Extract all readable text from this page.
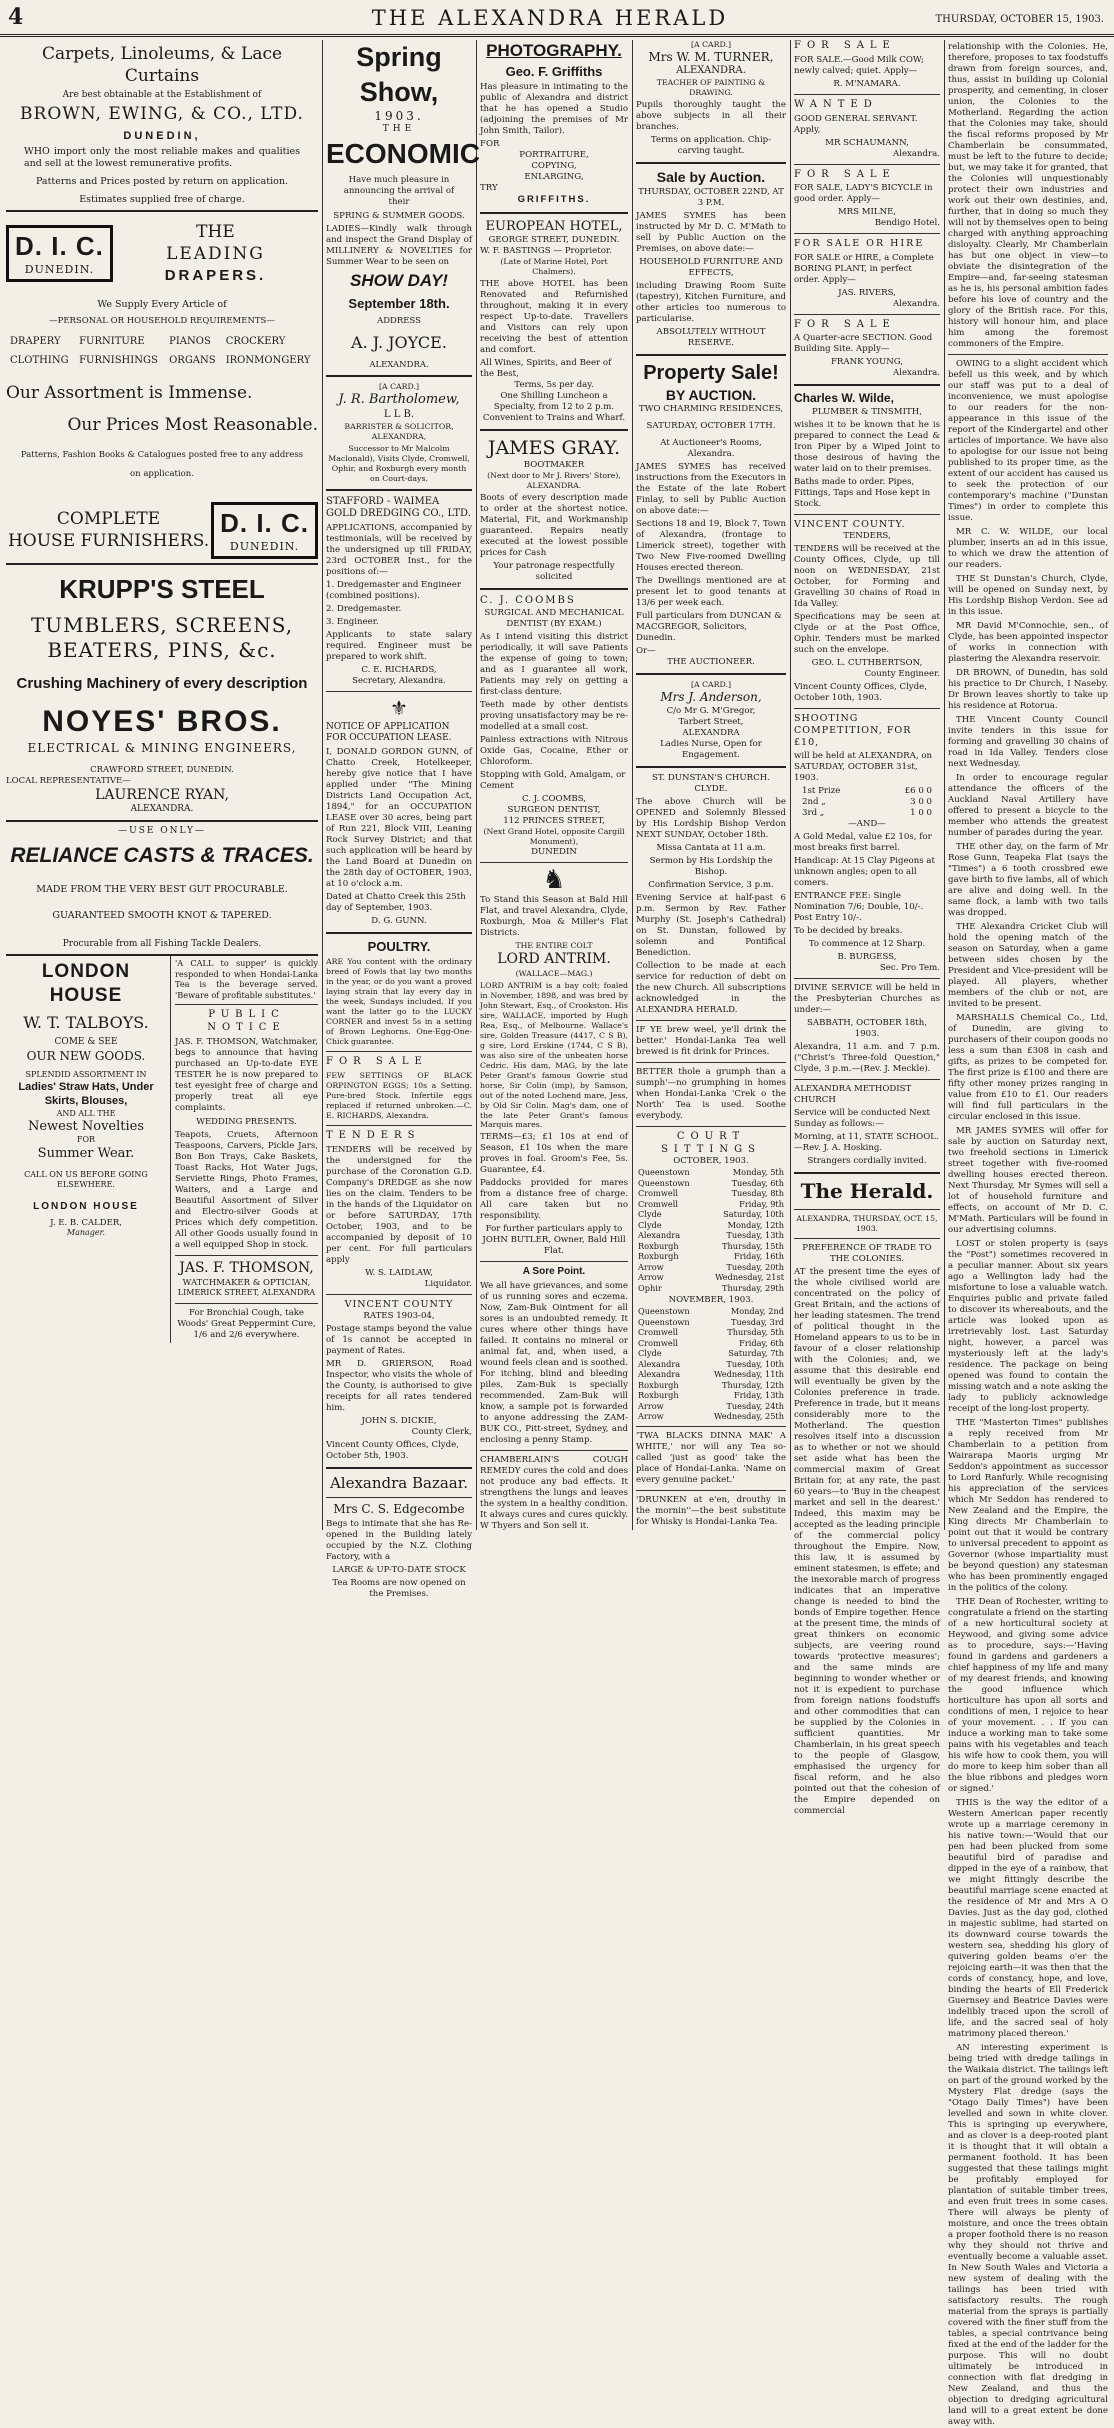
4	THE ALEXANDRA HERALD	THURSDAY, OCTOBER 15, 1903.
Carpets, Linoleums, & Lace Curtains
Are best obtainable at the Establishment of
BROWN, EWING, & CO., LTD.
DUNEDIN,

WHO import only the most reliable makes and qualities and sell at the lowest remunerative profits.

Patterns and Prices posted by return on application.
Estimates supplied free of charge.
D. I. C.
DUNEDIN.
THE
LEADING
DRAPERS.
We Supply Every Article of
—PERSONAL OR HOUSEHOLD REQUIREMENTS—
DRAPERY	FURNITURE	PIANOS	CROCKERY
CLOTHING	FURNISHINGS	ORGANS	IRONMONGERY
Our Assortment is Immense.
Our Prices Most Reasonable.
Patterns, Fashion Books & Catalogues posted free to any address
on application.
COMPLETE
HOUSE FURNISHERS.
D. I. C.
DUNEDIN.
KRUPP'S STEEL
TUMBLERS, SCREENS,
BEATERS, PINS, &c.
Crushing Machinery of every description
NOYES' BROS.
ELECTRICAL & MINING ENGINEERS,
CRAWFORD STREET, DUNEDIN.
LOCAL REPRESENTATIVE—
LAURENCE RYAN,
ALEXANDRA.
—USE ONLY—
RELIANCE CASTS & TRACES.
MADE FROM THE VERY BEST GUT PROCURABLE.
GUARANTEED SMOOTH KNOT & TAPERED.
Procurable from all Fishing Tackle Dealers.
LONDON HOUSE
W. T. TALBOYS.
COME & SEE
OUR NEW GOODS.
SPLENDID ASSORTMENT IN
Ladies' Straw Hats, Under Skirts, Blouses,
AND ALL THE
Newest Novelties
FOR
Summer Wear.
CALL ON US BEFORE GOING ELSEWHERE.
LONDON HOUSE
J. E. B. CALDER,
Manager.

'A CALL to supper' is quickly responded to when Hondai-Lanka Tea is the beverage served. 'Beware of profitable substitutes.'

PUBLIC NOTICE

JAS. F. THOMSON, Watchmaker, begs to announce that having purchased an Up-to-date EYE TESTER he is now prepared to test eyesight free of charge and properly treat all eye complaints.

WEDDING PRESENTS.

Teapots, Cruets, Afternoon Teaspoons, Carvers, Pickle Jars, Bon Bon Trays, Cake Baskets, Toast Racks, Hot Water Jugs, Serviette Rings, Photo Frames, Waiters, and a Large and Beautiful Assortment of Silver and Electro-silver Goods at Prices which defy competition. All other Goods usually found in a well equipped Shop in stock.

JAS. F. THOMSON,
WATCHMAKER & OPTICIAN,
LIMERICK STREET, ALEXANDRA

For Bronchial Cough, take Woods' Great Peppermint Cure, 1/6 and 2/6 everywhere.

Spring Show,
1903.
THE
ECONOMIC

Have much pleasure in announcing the arrival of their

SPRING & SUMMER GOODS.

LADIES—Kindly walk through and inspect the Grand Display of MILLINERY & NOVELTIES for Summer Wear to be seen on

SHOW DAY!
September 18th.
ADDRESS
A. J. JOYCE.
ALEXANDRA.
[A CARD.]
J. R. Bartholomew,
L L B.
BARRISTER & SOLICITOR, ALEXANDRA,

Successor to Mr Malcolm Maclonald), Visits Clyde, Cromwell, Ophir, and Roxburgh every month on Court-days.

STAFFORD - WAIMEA GOLD DREDGING CO., LTD.

APPLICATIONS, accompanied by testimonials, will be received by the undersigned up till FRIDAY, 23rd OCTOBER Inst., for the positions of:—

1. Dredgemaster and Engineer (combined positions).

2. Dredgemaster.

3. Engineer.

Applicants to state salary required. Engineer must be prepared to work shift.

C. E. RICHARDS,
Secretary, Alexandra.
⚜
NOTICE OF APPLICATION FOR OCCUPATION LEASE.

I, DONALD GORDON GUNN, of Chatto Creek, Hotelkeeper, hereby give notice that I have applied under "The Mining Districts Land Occupation Act, 1894," for an OCCUPATION LEASE over 30 acres, being part of Run 221, Block VIII, Leaning Rock Survey District; and that such application will be heard by the Land Board at Dunedin on the 28th day of OCTOBER, 1903, at 10 o'clock a.m.

Dated at Chatto Creek this 25th day of September, 1903.

D. G. GUNN.
POULTRY.

ARE You content with the ordinary breed of Fowls that lay two months in the year, or do you want a proved laying strain that lay every day in the week, Sundays included. If you want the latter go to the LUCKY CORNER and invest 5s in a setting of Brown Leghorns. One-Egg-One-Chick guarantee.

FOR SALE

FEW SETTINGS OF BLACK ORPINGTON EGGS; 10s a Setting. Pure-bred Stock. Infertile eggs replaced if returned unbroken.—C. E. RICHARDS, Alexandra.

TENDERS

TENDERS will be received by the undersigned for the purchase of the Coronation G.D. Company's DREDGE as she now lies on the claim. Tenders to be in the hands of the Liquidator on or before SATURDAY, 17th October, 1903, and to be accompanied by deposit of 10 per cent. For full particulars apply

W. S. LAIDLAW,
Liquidator.
VINCENT COUNTY
RATES 1903-04,

Postage stamps beyond the value of 1s cannot be accepted in payment of Rates.

MR D. GRIERSON, Road Inspector, who visits the whole of the County, is authorised to give receipts for all rates tendered him.

JOHN S. DICKIE,
County Clerk,

Vincent County Offices, Clyde, October 5th, 1903.

Alexandra Bazaar.
Mrs C. S. Edgecombe

Begs to intimate that she has Re-opened in the Building lately occupied by the N.Z. Clothing Factory, with a

LARGE & UP-TO-DATE STOCK

Tea Rooms are now opened on the Premises.

PHOTOGRAPHY.
Geo. F. Griffiths

Has pleasure in intimating to the public of Alexandra and district that he has opened a Studio (adjoining the premises of Mr John Smith, Tailor).

FOR
PORTRAITURE,
COPYING,
ENLARGING,
TRY
GRIFFITHS.
EUROPEAN HOTEL,
GEORGE STREET, DUNEDIN.
W. F. BASTINGS — Proprietor.
(Late of Marine Hotel, Port Chalmers).

THE above HOTEL has been Renovated and Refurnished throughout, making it in every respect Up-to-date. Travellers and Visitors can rely upon receiving the best of attention and comfort.

All Wines, Spirits, and Beer of the Best,
Terms, 5s per day.
One Shilling Luncheon a Specialty, from 12 to 2 p.m.
Convenient to Trains and Wharf.
JAMES GRAY.
BOOTMAKER
(Next door to Mr J. Rivers' Store), ALEXANDRA.

Boots of every description made to order at the shortest notice. Material, Fit, and Workmanship guaranteed. Repairs neatly executed at the lowest possible prices for Cash

Your patronage respectfully solicited
C. J. COOMBS
SURGICAL AND MECHANICAL DENTIST (BY EXAM.)

As I intend visiting this district periodically, it will save Patients the expense of going to town; and as I guarantee all work, Patients may rely on getting a first-class denture.

Teeth made by other dentists proving unsatisfactory may be re-modelled at a small cost.

Painless extractions with Nitrous Oxide Gas, Cocaine, Ether or Chloroform.

Stopping with Gold, Amalgam, or Cement

C. J. COOMBS,
SURGEON DENTIST,
112 PRINCES STREET,
(Next Grand Hotel, opposite Cargill Monument),
DUNEDIN
♞

To Stand this Season at Bald Hill Flat, and travel Alexandra, Clyde, Roxburgh, Moa & Miller's Flat Districts.

THE ENTIRE COLT
LORD ANTRIM.
(WALLACE—MAG.)

LORD ANTRIM is a bay colt; foaled in November, 1898, and was bred by John Stewart, Esq., of Crookston. His sire, WALLACE, imported by Hugh Rea, Esq., of Melbourne. Wallace's sire, Golden Treasure (4417, C S B), g sire, Lord Erskine (1744, C S B), was also sire of the unbeaten horse Cedric. His dam, MAG, by the late Peter Grant's famous Gowrie stud horse, Sir Colin (imp), by Samson, out of the noted Lochend mare, Jess, by Old Sir Colin. Mag's dam, one of the late Peter Grant's famous Marquis mares.

TERMS—£3; £1 10s at end of Season, £1 10s when the mare proves in foal. Groom's Fee, 5s. Guarantee, £4.

Paddocks provided for mares from a distance free of charge. All care taken but no responsibility.

For further particulars apply to JOHN BUTLER, Owner, Bald Hill Flat.

A Sore Point.

We all have grievances, and some of us running sores and eczema. Now, Zam-Buk Ointment for all sores is an undoubted remedy. It cures where other things have failed. It contains no mineral or animal fat, and, when used, a wound feels clean and is soothed. For itching, blind and bleeding piles, Zam-Buk is specially recommended. Zam-Buk will know, a sample pot is forwarded to anyone addressing the ZAM-BUK CO., Pitt-street, Sydney, and enclosing a penny Stamp.

CHAMBERLAIN'S COUGH REMEDY cures the cold and does not produce any bad effects. It strengthens the lungs and leaves the system in a healthy condition. It always cures and cures quickly. W Thyers and Son sell it.

[A CARD.]
Mrs W. M. TURNER,
ALEXANDRA.
TEACHER OF PAINTING & DRAWING.

Pupils thoroughly taught the above subjects in all their branches.

Terms on application. Chip-carving taught.

Sale by Auction.
THURSDAY, OCTOBER 22ND, AT 3 P.M.

JAMES SYMES has been instructed by Mr D. C. M'Math to sell by Public Auction on the Premises, on above date:—

HOUSEHOLD FURNITURE AND EFFECTS,

including Drawing Room Suite (tapestry), Kitchen Furniture, and other articles too numerous to particularise.

ABSOLUTELY WITHOUT RESERVE.
Property Sale!
BY AUCTION.
TWO CHARMING RESIDENCES,
SATURDAY, OCTOBER 17TH.
At Auctioneer's Rooms, Alexandra.

JAMES SYMES has received instructions from the Executors in the Estate of the late Robert Finlay, to sell by Public Auction on above date:—

Sections 18 and 19, Block 7, Town of Alexandra, (frontage to Limerick street), together with Two New Five-roomed Dwelling Houses erected thereon.

The Dwellings mentioned are at present let to good tenants at 13/6 per week each.

Full particulars from DUNCAN & MACGREGOR, Solicitors, Dunedin.

Or—
THE AUCTIONEER.
[A CARD.]
Mrs J. Anderson,
C/o Mr G. M'Gregor,
Tarbert Street,
ALEXANDRA
Ladies Nurse, Open for Engagement.
ST. DUNSTAN'S CHURCH.
CLYDE.

The above Church will be OPENED and Solemnly Blessed by His Lordship Bishop Verdon NEXT SUNDAY, October 18th.

Missa Cantata at 11 a.m.

Sermon by His Lordship the Bishop.

Confirmation Service, 3 p.m.

Evening Service at half-past 6 p.m. Sermon by Rev. Father Murphy (St. Joseph's Cathedral) on St. Dunstan, followed by solemn and Pontifical Benediction.

Collection to be made at each service for reduction of debt on the new Church. All subscriptions acknowledged in the ALEXANDRA HERALD.

IF YE brew weel, ye'll drink the better.' Hondai-Lanka Tea well brewed is fit drink for Princes.

BETTER thole a grumph than a sumph'—no grumphing in homes when Hondai-Lanka 'Crek o the North' Tea is used. Soothe everybody.

COURT SITTINGS
OCTOBER, 1903.
Queenstown	Monday, 5th
Queenstown	Tuesday, 6th
Cromwell	Tuesday, 8th
Cromwell	Friday, 9th
Clyde	Saturday, 10th
Clyde	Monday, 12th
Alexandra	Tuesday, 13th
Roxburgh	Thursday, 15th
Roxburgh	Friday, 16th
Arrow	Tuesday, 20th
Arrow	Wednesday, 21st
Ophir	Thursday, 29th
NOVEMBER, 1903.
Queenstown	Monday, 2nd
Queenstown	Tuesday, 3rd
Cromwell	Thursday, 5th
Cromwell	Friday, 6th
Clyde	Saturday, 7th
Alexandra	Tuesday, 10th
Alexandra	Wednesday, 11th
Roxburgh	Thursday, 12th
Roxburgh	Friday, 13th
Arrow	Tuesday, 24th
Arrow	Wednesday, 25th

'TWA BLACKS DINNA MAK' A WHITE,' nor will any Tea so-called 'just as good' take the place of Hondai-Lanka. 'Name on every genuine packet.'

'DRUNKEN at e'en, drouthy in the mornin''—the best substitute for Whisky is Hondai-Lanka Tea.

FOR SALE

FOR SALE.—Good Milk COW; newly calved; quiet. Apply—

R. M'NAMARA.
WANTED

GOOD GENERAL SERVANT. Apply,

MR SCHAUMANN,
Alexandra.
FOR SALE

FOR SALE, LADY'S BICYCLE in good order. Apply—

MRS MILNE,
Bendigo Hotel.
FOR SALE OR HIRE

FOR SALE or HIRE, a Complete BORING PLANT, in perfect order. Apply—

JAS. RIVERS,
Alexandra.
FOR SALE

A Quarter-acre SECTION. Good Building Site. Apply—

FRANK YOUNG,
Alexandra.
Charles W. Wilde,
PLUMBER & TINSMITH,

wishes it to be known that he is prepared to connect the Lead & Iron Piper by a Wiped Joint to those desirous of having the water laid on to their premises.

Baths made to order. Pipes, Fittings, Taps and Hose kept in Stock.

VINCENT COUNTY.
TENDERS,

TENDERS will be received at the County Offices, Clyde, up till noon on WEDNESDAY, 21st October, for Forming and Gravelling 30 chains of Road in Ida Valley.

Specifications may be seen at Clyde or at the Post Office, Ophir. Tenders must be marked such on the envelope.

GEO. L. CUTHBERTSON,
County Engineer.

Vincent County Offices, Clyde, October 10th, 1903.

SHOOTING COMPETITION, FOR £10,

will be held at ALEXANDRA, on SATURDAY, OCTOBER 31st, 1903.

1st Prize	£6 0 0
2nd „	3 0 0
3rd „	1 0 0
—AND—

A Gold Medal, value £2 10s, for most breaks first barrel.

Handicap: At 15 Clay Pigeons at unknown angles; open to all comers.

ENTRANCE FEE: Single Nomination 7/6; Double, 10/-. Post Entry 10/-.

To be decided by breaks.

To commence at 12 Sharp.

B. BURGESS,
Sec. Pro Tem.

DIVINE SERVICE will be held in the Presbyterian Churches as under:—

SABBATH, OCTOBER 18th, 1903.

Alexandra, 11 a.m. and 7 p.m. ("Christ's Three-fold Question," Clyde, 3 p.m.—(Rev. J. Meckle).

ALEXANDRA METHODIST CHURCH

Service will be conducted Next Sunday as follows:—

Morning, at 11, STATE SCHOOL.—Rev. J. A. Hosking.

Strangers cordially invited.

The Herald.
ALEXANDRA, THURSDAY, OCT. 15, 1903.
PREFERENCE OF TRADE TO THE COLONIES.

AT the present time the eyes of the whole civilised world are concentrated on the policy of Great Britain, and the actions of her leading statesmen. The trend of political thought in the Homeland appears to us to be in favour of a closer relationship with the Colonies; and, we assume that this desirable end will eventually be given by the Colonies preference in trade. Preference in trade, but it means considerably more to the Motherland. The question resolves itself into a discussion as to whether or not we should set aside what has been the commercial maxim of Great Britain for, at any rate, the past 60 years—to 'Buy in the cheapest market and sell in the dearest.' Indeed, this maxim may be accepted as the leading principle of the commercial policy throughout the Empire. Now, this law, it is assumed by eminent statesmen, is effete; and the inexorable march of progress indicates that an imperative change is needed to bind the bonds of Empire together. Hence at the present time, the minds of great thinkers on economic subjects, are veering round towards 'protective measures'; and the same minds are beginning to wonder whether or not it is expedient to purchase from foreign nations foodstuffs and other commodities that can be supplied by the Colonies in sufficient quantities. Mr Chamberlain, in his great speech to the people of Glasgow, emphasised the urgency for fiscal reform, and he also pointed out that the cohesion of the Empire depended on commercial

relationship with the Colonies. He, therefore, proposes to tax foodstuffs drawn from foreign sources, and, thus, assist in building up Colonial prosperity, and cementing, in closer union, the Colonies to the Motherland. Regarding the action that the Colonies may take, should the fiscal reforms proposed by Mr Chamberlain be consummated, must be left to the future to decide; but, we may take it for granted, that the Colonies will unquestionably protect their own industries and work out their own destinies, and, further, that in doing so much they will not by themselves open to being charged with anything approaching disloyalty. Clearly, Mr Chamberlain has but one object in view—to obviate the disintegration of the Empire—and, far-seeing statesman as he is, his personal ambition fades before his love of country and the glory of the British race. For this, history will honour him, and place him among the foremost commoners of the Empire.

OWING to a slight accident which befell us this week, and by which our staff was put to a deal of inconvenience, we must apologise to our readers for the non-appearance in this issue of the report of the Kindergartel and other articles of importance. We have also to apologise for our issue not being published to its proper time, as the extent of our accident has caused us to seek the protection of our contemporary's machine ("Dunstan Times") in order to complete this issue.

MR C. W. WILDE, our local plumber, inserts an ad in this issue, to which we draw the attention of our readers.

THE St Dunstan's Church, Clyde, will be opened on Sunday next, by His Lordship Bishop Verdon. See ad in this issue.

MR David M'Connochie, sen., of Clyde, has been appointed inspector of works in connection with plastering the Alexandra reservoir.

DR BROWN, of Dunedin, has sold his practice to Dr Church, I Naseby. Dr Brown leaves shortly to take up his residence at Rotorua.

THE Vincent County Council invite tenders in this issue for forming and gravelling 30 chains of road in Ida Valley. Tenders close next Wednesday.

In order to encourage regular attendance the officers of the Auckland Naval Artillery have offered to present a bicycle to the member who attends the greatest number of parades during the year.

THE other day, on the farm of Mr Rose Gunn, Teapeka Flat (says the "Times") a 6 tooth crossbred ewe gave birth to five lambs, all of which are alive and doing well. In the same flock, a lamb with two tails was dropped.

THE Alexandra Cricket Club will hold the opening match of the season on Saturday, when a game between sides chosen by the President and Vice-president will be played. All players, whether members of the club or not, are invited to be present.

MARSHALLS Chemical Co., Ltd, of Dunedin, are giving to purchasers of their coupon goods no less a sum than £308 in cash and gifts, as prizes to be competed for. The first prize is £100 and there are fifty other money prizes ranging in value from £10 to £1. Our readers will find full particulars in the circular enclosed in this issue.

MR JAMES SYMES will offer for sale by auction on Saturday next, two freehold sections in Limerick street together with five-roomed dwelling houses erected thereon. Next Thursday, Mr Symes will sell a lot of household furniture and effects, on account of Mr D. C. M'Math. Particulars will be found in our advertising columns.

LOST or stolen property is (says the "Post") sometimes recovered in a peculiar manner. About six years ago a Wellington lady had the misfortune to lose a valuable watch. Enquiries public and private failed to discover its whereabouts, and the article was looked upon as irretrievably lost. Last Saturday night, however, a parcel was mysteriously left at the lady's residence. The package on being opened was found to contain the missing watch and a note asking the lady to publicly acknowledge receipt of the long-lost property.

THE "Masterton Times" publishes a reply received from Mr Chamberlain to a petition from Wairarapa Maoris urging Mr Seddon's appointment as successor to Lord Ranfurly. While recognising his appreciation of the services which Mr Seddon has rendered to New Zealand and the Empire, the King directs Mr Chamberlain to point out that it would be contrary to universal precedent to appoint as Governor (whose impartiality must be beyond question) any statesman who has been prominently engaged in the politics of the colony.

THE Dean of Rochester, writing to congratulate a friend on the starting of a new horticultural society at Heywood, and giving some advice as to procedure, says:—'Having found in gardens and gardeners a chief happiness of my life and many of my dearest friends, and knowing the good influence which horticulture has upon all sorts and conditions of men, I rejoice to hear of your movement. . . If you can induce a working man to take some pains with his vegetables and teach his wife how to cook them, you will do more to keep him sober than all the blue ribbons and pledges worn or signed.'

THIS is the way the editor of a Western American paper recently wrote up a marriage ceremony in his native town:—'Would that our pen had been plucked from some beautiful bird of paradise and dipped in the eye of a rainbow, that we might fittingly describe the beautiful marriage scene enacted at the residence of Mr and Mrs A O Davies. Just as the day god, clothed in majestic sublime, had started on its downward course towards the western sea, shedding his glory of quivering golden beams o'er the rejoicing earth—it was then that the cords of constancy, hope, and love, binding the hearts of Ell Frederick Guernsey and Beatrice Davies were indelibly traced upon the scroll of life, and the sacred seal of holy matrimony placed thereon.'

AN interesting experiment is being tried with dredge tailings in the Waikaia district. The tailings left on part of the ground worked by the Mystery Flat dredge (says the "Otago Daily Times") have been levelled and sown in white clover. This is springing up everywhere, and as clover is a deep-rooted plant it is thought that it will obtain a permanent foothold. It has been suggested that these tailings might be profitably employed for plantation of suitable timber trees, and even fruit trees in some cases. There will always be plenty of moisture, and once the trees obtain a proper foothold there is no reason why they should not thrive and eventually become a valuable asset. In New South Wales and Victoria a new system of dealing with the tailings has been tried with satisfactory results. The rough material from the sprays is partially covered with the finer stuff from the tables, a special contrivance being fixed at the end of the ladder for the purpose. This will no doubt ultimately be introduced in connection with flat dredging in New Zealand, and thus the objection to dredging agricultural land will to a great extent be done away with.
